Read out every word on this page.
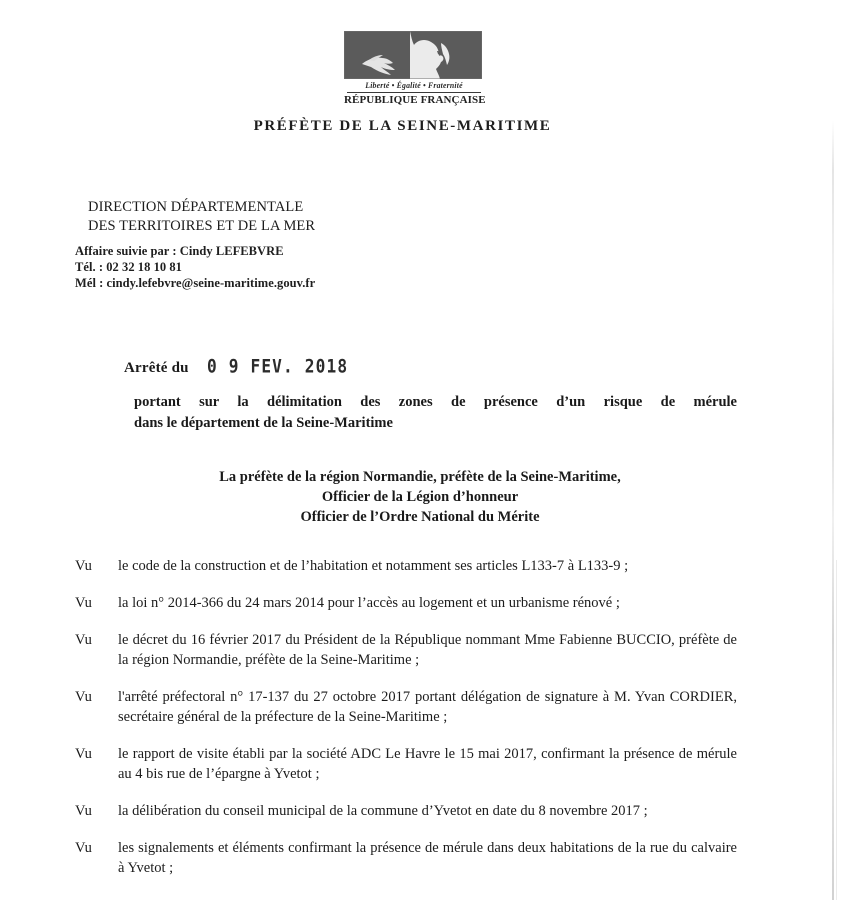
Liberté • Égalité • Fraternité
RÉPUBLIQUE FRANÇAISE
PRÉFÈTE DE LA SEINE-MARITIME
DIRECTION DÉPARTEMENTALE
DES TERRITOIRES ET DE LA MER
Affaire suivie par : Cindy LEFEBVRE
Tél. : 02 32 18 10 81
Mél : cindy.lefebvre@seine-maritime.gouv.fr
Arrêté du 0 9 FEV. 2018
portant sur la délimitation des zones de présence d’un risque de mérule
dans le département de la Seine-Maritime
La préfète de la région Normandie, préfète de la Seine-Maritime,
Officier de la Légion d’honneur
Officier de l’Ordre National du Mérite
Vu	le code de la construction et de l’habitation et notamment ses articles L133-7 à L133-9 ;
Vu	la loi n° 2014-366 du 24 mars 2014 pour l’accès au logement et un urbanisme rénové ;
Vu	le décret du 16 février 2017 du Président de la République nommant Mme Fabienne BUCCIO, préfète de la région Normandie, préfète de la Seine-Maritime ;
Vu	l'arrêté préfectoral n° 17-137 du 27 octobre 2017 portant délégation de signature à M. Yvan CORDIER, secrétaire général de la préfecture de la Seine-Maritime ;
Vu	le rapport de visite établi par la société ADC Le Havre le 15 mai 2017, confirmant la présence de mérule au 4 bis rue de l’épargne à Yvetot ;
Vu	la délibération du conseil municipal de la commune d’Yvetot en date du 8 novembre 2017 ;
Vu	les signalements et éléments confirmant la présence de mérule dans deux habitations de la rue du calvaire à Yvetot ;
